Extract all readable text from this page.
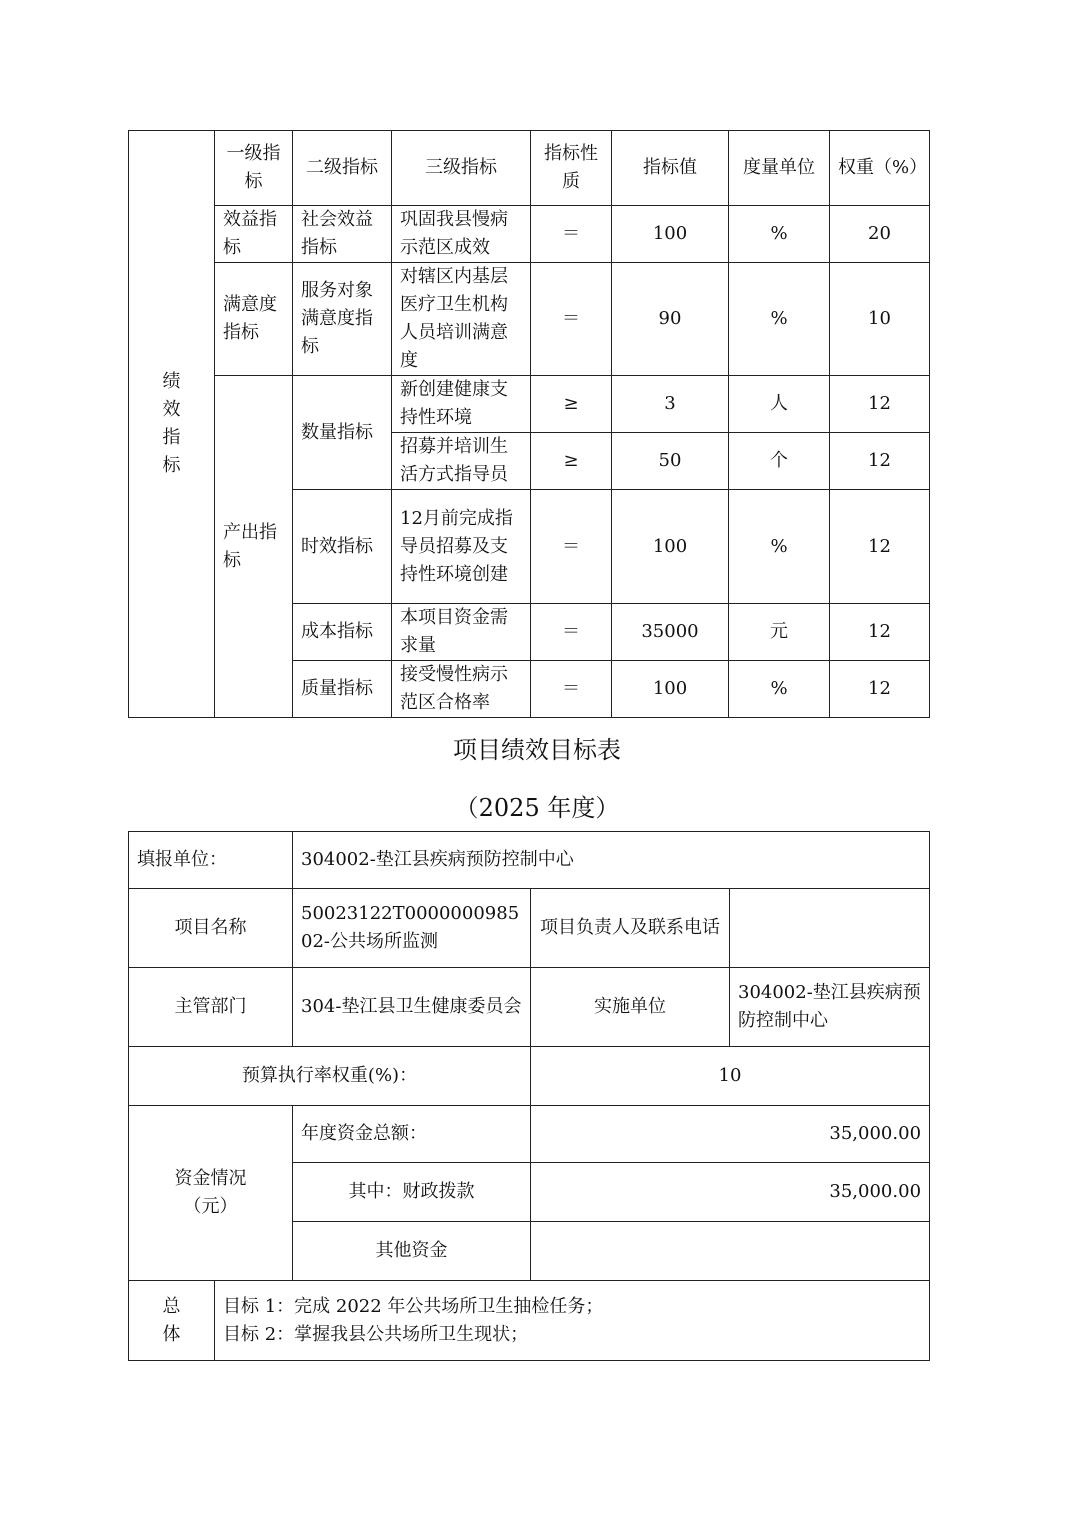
绩效指标	一级指标	二级指标	三级指标	指标性质	指标值	度量单位	权重（%）
	效益指标	社会效益指标	巩固我县慢病示范区成效	＝	100	%	20
	满意度指标	服务对象满意度指标	对辖区内基层医疗卫生机构人员培训满意度	＝	90	%	10
	产出指标	数量指标	新创建健康支持性环境	≥	3	人	12
			招募并培训生活方式指导员	≥	50	个	12
		时效指标	12月前完成指导员招募及支持性环境创建	＝	100	%	12
		成本指标	本项目资金需求量	＝	35000	元	12
		质量指标	接受慢性病示范区合格率	＝	100	%	12
项目绩效目标表
（2025 年度）
填报单位：		304002-垫江县疾病预防控制中心		
项目名称		50023122T000000098502-公共场所监测	项目负责人及联系电话	
主管部门		304-垫江县卫生健康委员会	实施单位	304002-垫江县疾病预防控制中心
预算执行率权重(%)：			10	
资金情况（元）		年度资金总额：	35,000.00	
		其中：财政拨款	35,000.00	
		其他资金		

总体	目标 1：完成 2022 年公共场所卫生抽检任务；
目标 2：掌握我县公共场所卫生现状；			
